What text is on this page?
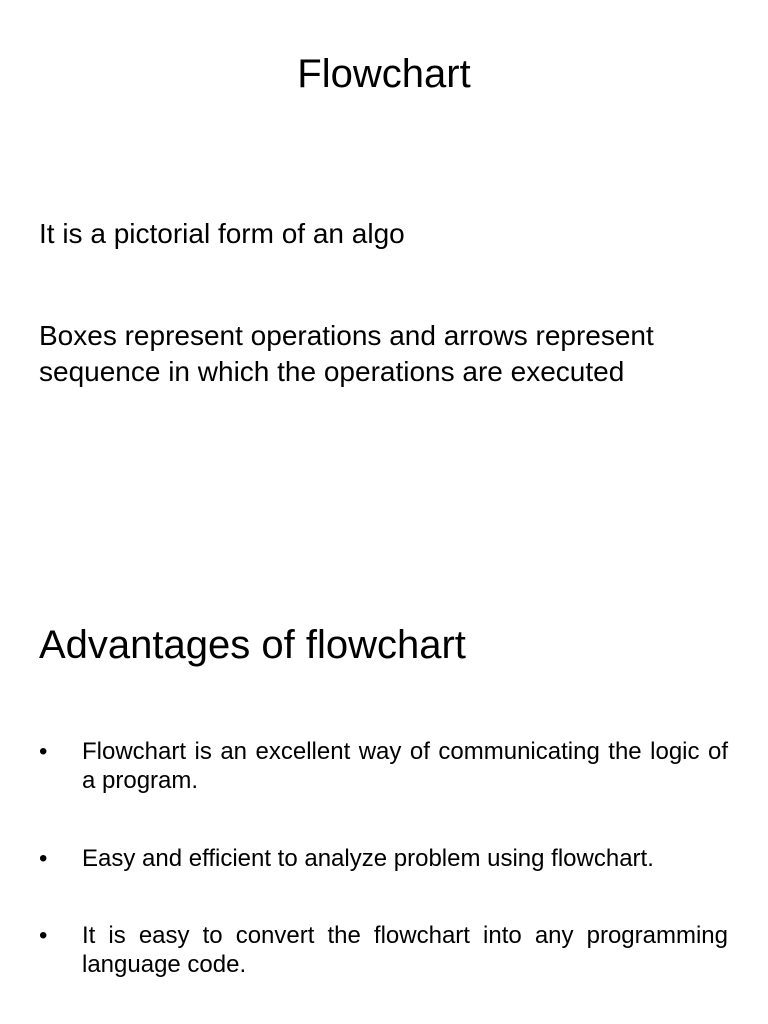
Flowchart
It is a pictorial form of an algo
Boxes represent operations and arrows represent sequence in which the operations are executed
Advantages of flowchart
• Flowchart is an excellent way of communicating the logic of a program.
• Easy and efficient to analyze problem using flowchart.
• It is easy to convert the flowchart into any programming language code.
